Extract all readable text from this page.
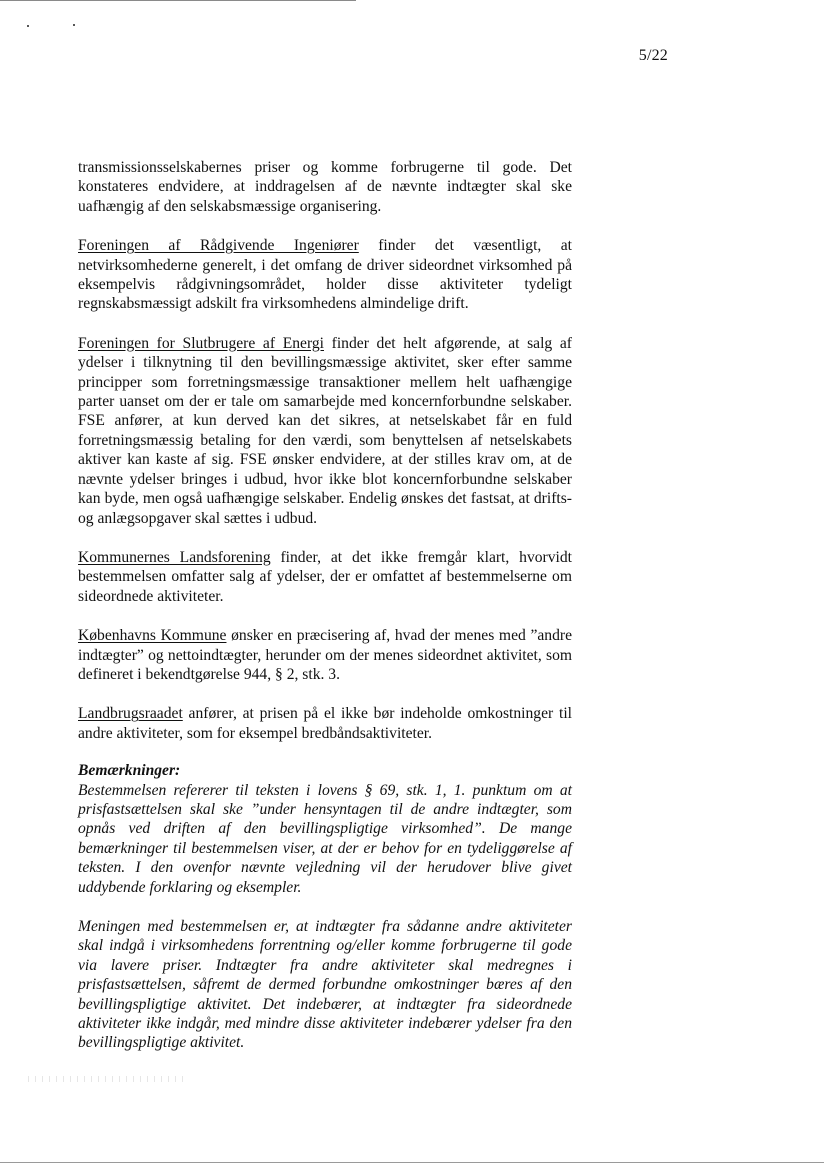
5/22

transmissionsselskabernes priser og komme forbrugerne til gode. Det konstateres endvidere, at inddragelsen af de nævnte indtægter skal ske uafhængig af den selskabsmæssige organisering.

Foreningen af Rådgivende Ingeniører finder det væsentligt, at netvirksomhederne generelt, i det omfang de driver sideordnet virksomhed på eksempelvis rådgivningsområdet, holder disse aktiviteter tydeligt regnskabsmæssigt adskilt fra virksomhedens almindelige drift.

Foreningen for Slutbrugere af Energi finder det helt afgørende, at salg af ydelser i tilknytning til den bevillingsmæssige aktivitet, sker efter samme principper som forretningsmæssige transaktioner mellem helt uafhængige parter uanset om der er tale om samarbejde med koncernforbundne selskaber. FSE anfører, at kun derved kan det sikres, at netselskabet får en fuld forretningsmæssig betaling for den værdi, som benyttelsen af netselskabets aktiver kan kaste af sig. FSE ønsker endvidere, at der stilles krav om, at de nævnte ydelser bringes i udbud, hvor ikke blot koncernforbundne selskaber kan byde, men også uafhængige selskaber. Endelig ønskes det fastsat, at drifts- og anlægsopgaver skal sættes i udbud.

Kommunernes Landsforening finder, at det ikke fremgår klart, hvorvidt bestemmelsen omfatter salg af ydelser, der er omfattet af bestemmelserne om sideordnede aktiviteter.

Københavns Kommune ønsker en præcisering af, hvad der menes med ”andre indtægter” og nettoindtægter, herunder om der menes sideordnet aktivitet, som defineret i bekendtgørelse 944, § 2, stk. 3.

Landbrugsraadet anfører, at prisen på el ikke bør indeholde omkostninger til andre aktiviteter, som for eksempel bredbåndsaktiviteter.

Bemærkninger:

Bestemmelsen refererer til teksten i lovens § 69, stk. 1, 1. punktum om at prisfastsættelsen skal ske ”under hensyntagen til de andre indtægter, som opnås ved driften af den bevillingspligtige virksomhed”. De mange bemærkninger til bestemmelsen viser, at der er behov for en tydeliggørelse af teksten. I den ovenfor nævnte vejledning vil der herudover blive givet uddybende forklaring og eksempler.

Meningen med bestemmelsen er, at indtægter fra sådanne andre aktiviteter skal indgå i virksomhedens forrentning og/eller komme forbrugerne til gode via lavere priser. Indtægter fra andre aktiviteter skal medregnes i prisfastsættelsen, såfremt de dermed forbundne omkostninger bæres af den bevillingspligtige aktivitet. Det indebærer, at indtægter fra sideordnede aktiviteter ikke indgår, med mindre disse aktiviteter indebærer ydelser fra den bevillingspligtige aktivitet.
